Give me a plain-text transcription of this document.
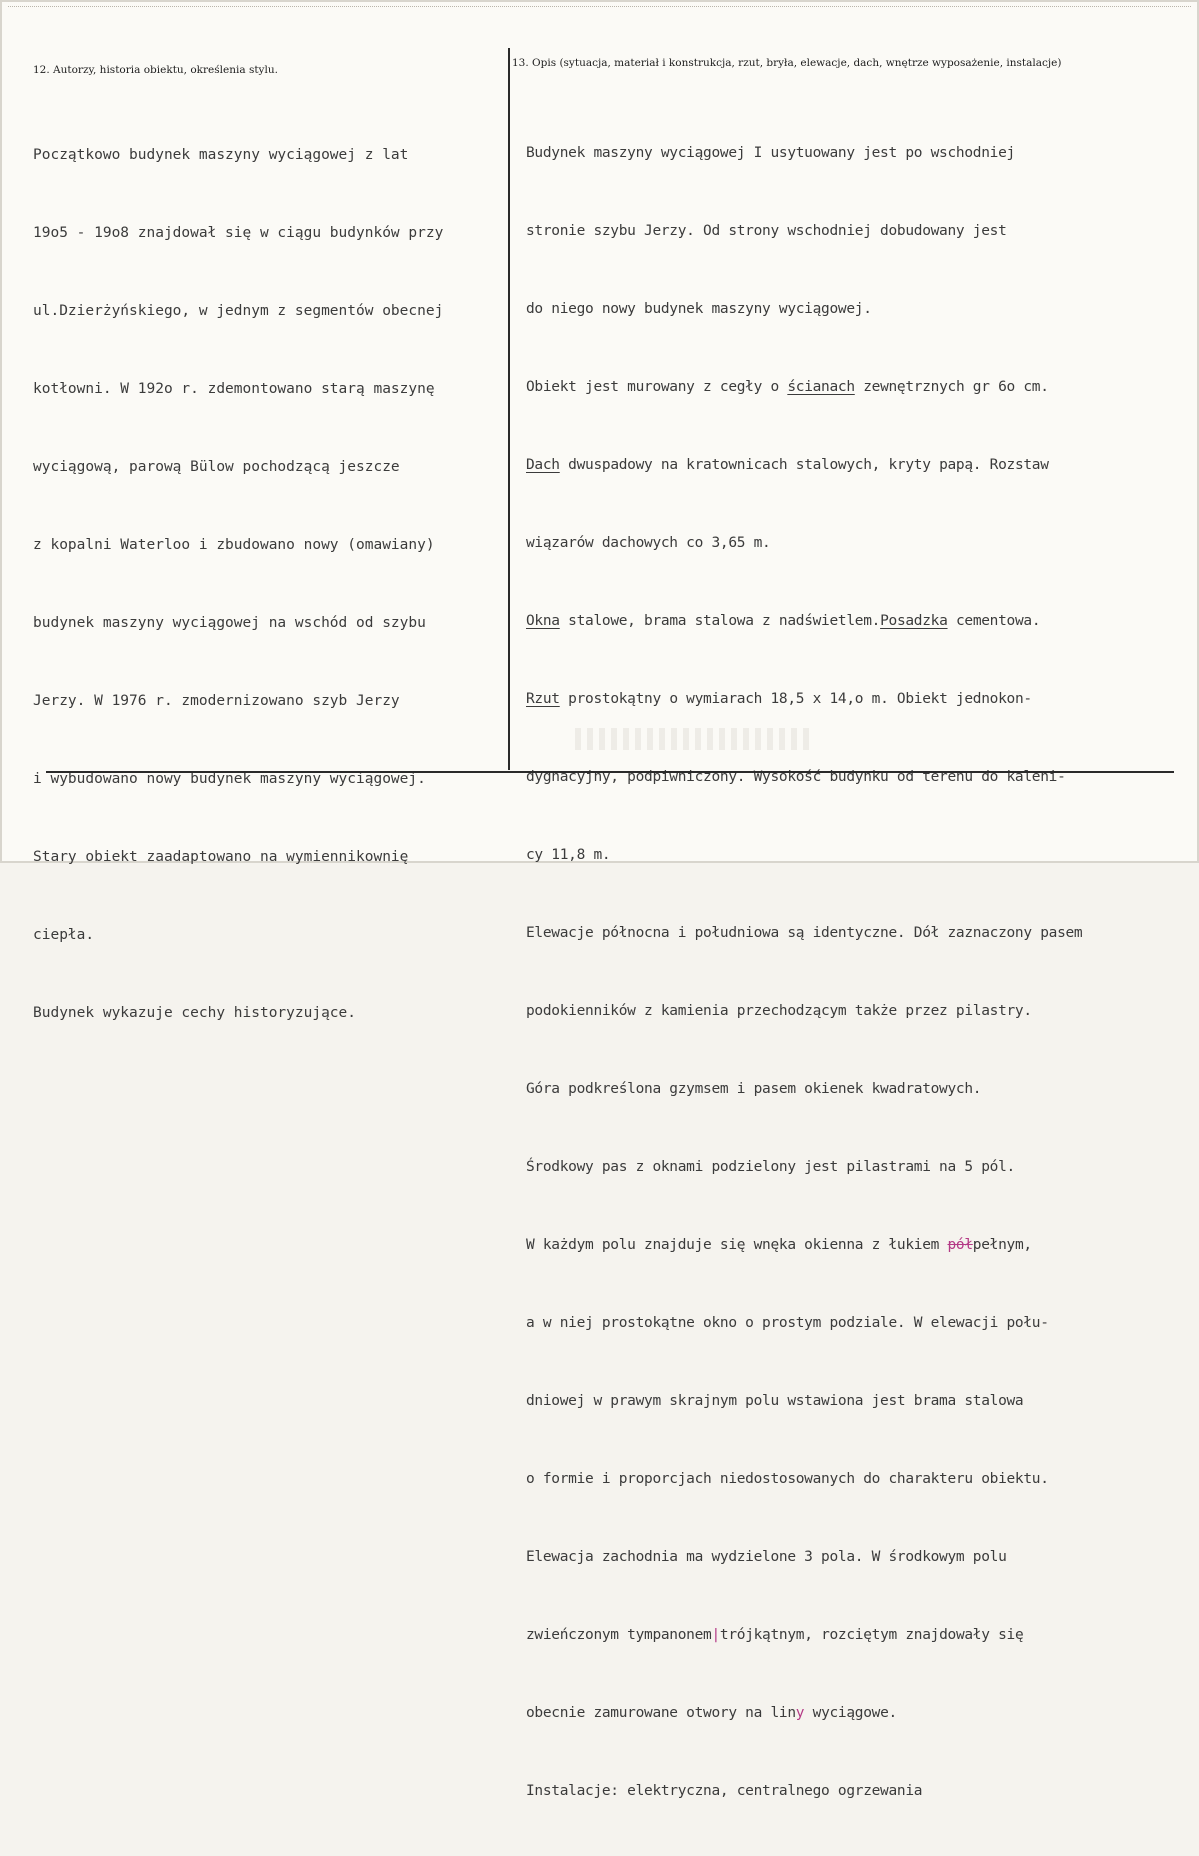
12. Autorzy, historia obiektu, określenia stylu.
13. Opis (sytuacja, materiał i konstrukcja, rzut, bryła, elewacje, dach, wnętrze wyposażenie, instalacje)

Początkowo budynek maszyny wyciągowej z lat

19o5 - 19o8 znajdował się w ciągu budynków przy

ul.Dzierżyńskiego, w jednym z segmentów obecnej

kotłowni. W 192o r. zdemontowano starą maszynę

wyciągową, parową Bülow pochodzącą jeszcze

z kopalni Waterloo i zbudowano nowy (omawiany)

budynek maszyny wyciągowej na wschód od szybu

Jerzy. W 1976 r. zmodernizowano szyb Jerzy

i wybudowano nowy budynek maszyny wyciągowej.

Stary obiekt zaadaptowano na wymiennikownię

ciepła.

Budynek wykazuje cechy historyzujące.

Budynek maszyny wyciągowej I usytuowany jest po wschodniej

stronie szybu Jerzy. Od strony wschodniej dobudowany jest

do niego nowy budynek maszyny wyciągowej.

Obiekt jest murowany z cegły o ścianach zewnętrznych gr 6o cm.

Dach dwuspadowy na kratownicach stalowych, kryty papą. Rozstaw

wiązarów dachowych co 3,65 m.

Okna stalowe, brama stalowa z nadświetlem.Posadzka cementowa.

Rzut prostokątny o wymiarach 18,5 x 14,o m. Obiekt jednokon-

dygnacyjny, podpiwniczony. Wysokość budynku od terenu do kaleni-

cy 11,8 m.

Elewacje północna i południowa są identyczne. Dół zaznaczony pasem

podokienników z kamienia przechodzącym także przez pilastry.

Góra podkreślona gzymsem i pasem okienek kwadratowych.

Środkowy pas z oknami podzielony jest pilastrami na 5 pól.

W każdym polu znajduje się wnęka okienna z łukiem półpełnym,

a w niej prostokątne okno o prostym podziale. W elewacji połu-

dniowej w prawym skrajnym polu wstawiona jest brama stalowa

o formie i proporcjach niedostosowanych do charakteru obiektu.

Elewacja zachodnia ma wydzielone 3 pola. W środkowym polu

zwieńczonym tympanonem|trójkątnym, rozciętym znajdowały się

obecnie zamurowane otwory na liny wyciągowe.

Instalacje: elektryczna, centralnego ogrzewania
